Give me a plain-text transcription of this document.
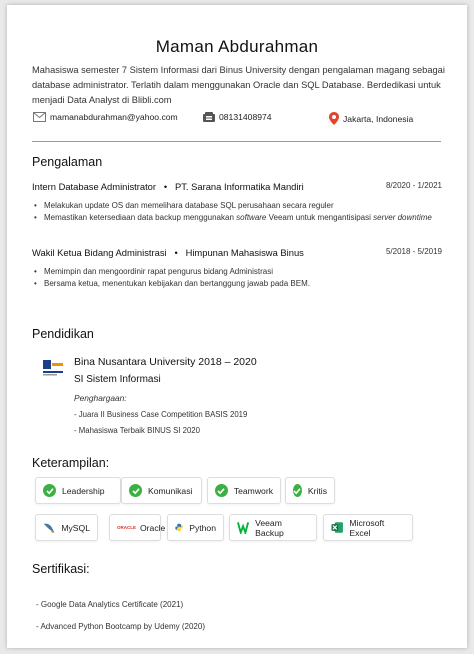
Maman Abdurahman
Mahasiswa semester 7 Sistem Informasi dari Binus University dengan pengalaman magang sebagai database administrator. Terlatih dalam menggunakan Oracle dan SQL Database. Berdedikasi untuk menjadi Data Analyst di Blibli.com
mamanabdurahman@yahoo.com	08131408974	Jakarta, Indonesia
Pengalaman
Intern Database Administrator • PT. Sarana Informatika Mandiri	8/2020 - 1/2021
• Melakukan update OS dan memelihara database SQL perusahaan secara reguler
• Memastikan ketersediaan data backup menggunakan software Veeam untuk mengantisipasi server downtime
Wakil Ketua Bidang Administrasi • Himpunan Mahasiswa Binus	5/2018 - 5/2019
• Memimpin dan mengoordinir rapat pengurus bidang Administrasi
• Bersama ketua, menentukan kebijakan dan bertanggung jawab pada BEM.
Pendidikan
Bina Nusantara University 2018 – 2020
SI Sistem Informasi
Penghargaan:
- Juara II Business Case Competition BASIS 2019
- Mahasiswa Terbaik BINUS SI 2020
Keterampilan:
Leadership	Komunikasi	Teamwork	Kritis
MySQL	ORACLE Oracle	Python	Veeam Backup
Microsoft Excel
Sertifikasi:
- Google Data Analytics Certificate (2021)
- Advanced Python Bootcamp by Udemy (2020)
